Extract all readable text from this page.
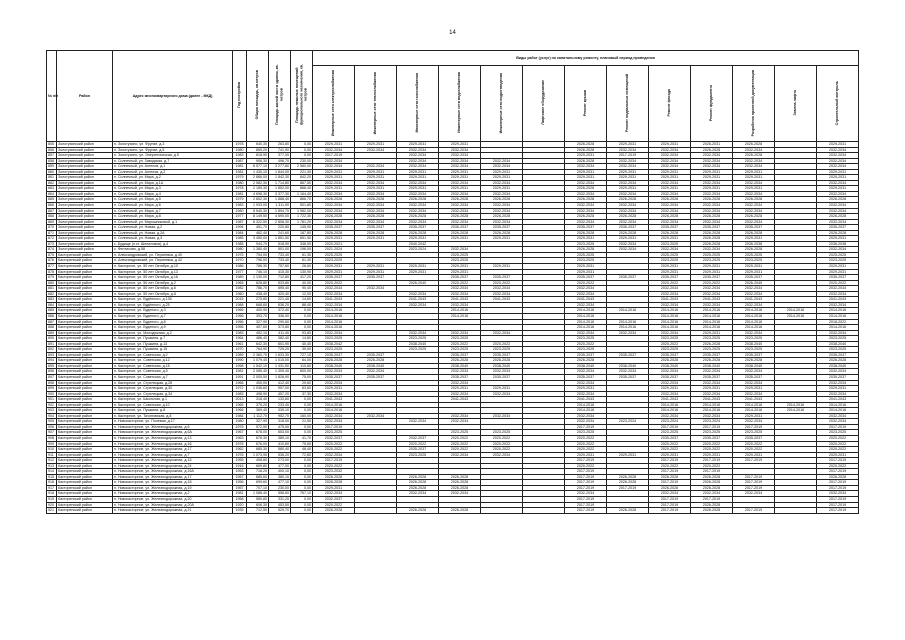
14
№ п/п	Район	Адрес многоквартирного дома (далее - МКД)	Год постройки	Общая площадь, кв.метров	Площадь жилой части здания, кв. метров	Площадь нежилых помещений функционального назначения, кв. метров	Виды работ (услуг) по капитальному ремонту, плановый период проведения												
							Инженерные сети электроснабжения	Инженерные сети теплоснабжения	Инженерные сети газоснабжения	Инженерные сети водоснабжения	Инженерные сети водоотведения	Лифтовое оборудование	Ремонт крыши	Ремонт подвальных помещений	Ремонт фасада	Ремонт фундамента	Разработка проектной документации	Замена лифта	Строительный контроль
855	Золотухинский район	п. Золотухино, ул. Фрунзе, д.3	1978	640,30	263,80	0,00	2029-2031	2029-2031	2029-2031	2029-2031			2026-2028	2029-2031	2029-2031	2026-2031	2026-2028		2029-2031
856	Золотухинский район	п. Золотухино, ул. Фрунзе, д.5	1980	855,20	741,90	0,00	2032-2034	2032-2034	2032-2034	2032-2034			2026-2028	2032-2034	2032-2034	2026-2028	2032-2034		2032-2034
857	Золотухинский район	п. Золотухино, ул. Энергетическая, д.5	1983	818,90	377,00	0,00	2017-2019		2032-2034	2032-2034			2029-2031	2017-2019	2032-2034	2032-2034	2026-2028		2032-2034
858	Золотухинский район	п. Солнечный, ул. Заводская, д.7	1987	906,30	496,70	230,00	2032-2034		2032-2034	2032-2034	2032-2034		2026-2028	2032-2034	2032-2034	2032-2034	2032-2034		2032-2034
859	Золотухинский район	п. Солнечный, ул. Ангелов, д.1	1981	6 577,10	3 277,80	2 580,00	2032-2034	2032-2034	2032-2034	2032-2034	2032-2034		2032-2034	2032-2034	2032-2034	2032-2034	2032-2034		2032-2034
860	Золотухинский район	п. Солнечный, ул. Ангелов, д.2	1981	1 430,10	1 844,00	221,30	2029-2031	2029-2031	2029-2031	2029-2031	2029-2031		2029-2031	2029-2031	2029-2031	2029-2031	2029-2031		2029-2031
861	Золотухинский район	п. Солнечный, ул. Мира, д.2	1979	2 866,00	1 842,30	842,20	2029-2031	2029-2031	2029-2031	2029-2031	2029-2031		2029-2031	2029-2031	2029-2031	2029-2031	2029-2031		2029-2031
862	Золотухинский район	п. Солнечный, ул. Мира, д.1А	1980	2 582,30	1 714,80	867,50	2032-2034	2032-2034	2032-2034	2032-2034	2032-2034		2032-2034	2032-2034	2032-2034	2032-2034	2032-2034		2032-2034
863	Золотухинский район	п. Солнечный, ул. Мира, д.3	1978	2 189,30	1 852,00	868,40	2029-2031	2029-2031	2029-2031	2029-2031	2029-2031		2026-2028	2029-2031	2029-2031	2029-2031	2029-2031		2029-2031
864	Золотухинский район	п. Солнечный, ул. Мира, д.4	1981	4 698,30	3 377,30	1 164,40	2032-2034	2032-2034	2032-2034	2032-2034	2032-2034		2032-2034	2032-2034	2032-2034	2032-2034	2032-2034		2032-2034
865	Золотухинский район	п. Солнечный, ул. Мира, д.5	1979	2 852,30	1 888,40	866,70	2026-2028	2026-2028	2026-2028	2026-2028	2026-2028		2026-2028	2026-2028	2026-2028	2026-2028	2026-2028		2026-2028
866	Золотухинский район	п. Солнечный, ул. Мира, д.6	1983	1 933,00	1 311,90	501,80	2032-2034	2032-2034	2032-2034	2032-2034	2032-2034		2032-2034	2032-2034	2032-2034	2032-2034	2032-2034		2032-2034
867	Золотухинский район	п. Солнечный, ул. Мира, д.7	1980	5 940,30	1 894,70	1 982,00	2032-2034	2032-2034	2032-2034	2032-2034	2032-2034		2032-2034	2032-2034	2032-2034	2032-2034	2032-2034		2032-2034
868	Золотухинский район	п. Солнечный, ул. Мира, д.8	1977	8 149,50	4 690,00	1 722,30	2026-2028	2026-2028	2026-2028	2026-2028	2026-2028		2026-2028	2026-2028	2026-2028	2026-2028	2026-2028		2026-2028
869	Золотухинский район	п. Солнечный, ул. Мирошниковой, д.1	1987	6 322,50	2 808,30	1 781,20	2032-2034	2032-2034	2032-2034	2032-2034	2032-2034		2032-2034	2032-2034	2032-2034	2032-2034	2032-2034		2032-2034
870	Золотухинский район	п. Солнечный, ул. Новая, д.2	1994	451,70	220,80	145,90	2035-2037	2035-2037	2035-2037	2035-2037	2035-2037		2035-2037	2035-2037	2035-2037	2035-2037	2035-2037		2035-2037
871	Золотухинский район	п. Солнечный, ул. Новая, д.2А	1984	462,40	241,60	187,80	2026-2028	2026-2028	2026-2028	2026-2028	2026-2028		2026-2028	2026-2028	2026-2028	2026-2028	2026-2028		2026-2028
872	Золотухинский район	п. Солнечный, ул. Новая, д.3	1985	3 450,00	1 851,50	851,50	2029-2031	2029-2031	2029-2031	2029-2031	2029-2031		2029-2031	2029-2031	2029-2031	2026-2028	2029-2031		2029-2031
873	Золотухинский район	с. Будище (п.ст. Шепиловка), д.4	1985	944,70	518,90	346,00	2020-2021		2040-2042				2023-2025	2032-2034	2023-2025	2026-2028	2036-2038		2036-2038
874	Золотухинский район	с. Фентисово, д.58	1980	1 380,40	501,00	196,00	2021-2024		2023-2024	2032-2034			2026-2028	2032-2034	2032-2034	2032-2034	2026-2028		2032-2034
875	Касторенский район	п. Александровский, ул. Персеевка, д.40	1975	754,00	733,40	61,30	2025-2025			2025-2025			2025-2025		2025-2025	2025-2025	2025-2025		2025-2025
876	Касторенский район	п. Александровский, ул. Персеевка, д.42	1970	796,00	733,40	61,30	2023-2025			2023-2025			2023-2025		2023-2025	2023-2025	2023-2025		2023-2025
877	Касторенский район	п. Касторное, ул. 50 лет Октября, д.10	1986	786,30	757,60	28,60	2029-2031	2029-2031	2029-2031	2029-2031	2029-2031		2029-2031		2029-2031	2029-2031	2029-2031		2029-2031
878	Касторенский район	п. Касторное, ул. 50 лет Октября, д.13	1977	746,10	415,30	130,90	2029-2031	2029-2031	2029-2031	2029-2031			2029-2031		2029-2031	2029-2031	2029-2031		2029-2031
879	Касторенский район	п. Касторное, ул. 50 лет Октября, д.16	1989	1 130,00	712,80	417,20	2035-2037	2035-2037		2035-2037	2035-2037		2035-2037	2035-2037	2035-2037	2035-2037	2035-2037		2035-2037
880	Касторенский район	п. Касторное, ул. 50 лет Октября, д.2	1965	628,80	533,80	40,00	2020-2022		2026-2040	2020-2022	2020-2022		2020-2022		2020-2022	2020-2022	2026-2040		2020-2022
881	Касторенский район	п. Касторное, ул. 50 лет Октября, д.6	1982	786,70	695,40	90,40	2032-2034	2032-2034		2032-2034	2032-2034		2032-2034		2032-2034	2032-2034	2032-2034		2032-2034
882	Касторенский район	п. Касторное, ул. 50 лет Октября, д.8	1960	438,40	420,40	12,00	2032-2034		2032-2034	2032-2034	2032-2034		2032-2034		2032-2034	2032-2034	2032-2034		2032-2034
883	Касторенский район	п. Касторное, ул. Будённого, д.135	2015	275,80	221,40	14,60	2041-2043		2041-2043	2041-2043	2041-2043		2041-2043		2041-2043	2041-2043	2041-2043		2041-2043
884	Касторенский район	п. Касторное, ул. Будённого, д.25	1988	668,60	636,20	88,40	2032-2034		2032-2034	2032-2034			2032-2034		2032-2034	2032-2034	2032-2034		2032-2034
885	Касторенский район	п. Касторное, ул. Буденого, д.3	1966	400,90	372,40	0,00	2014-2016			2014-2016			2014-2016	2014-2016	2014-2016	2014-2016	2014-2016	2014-2016	2014-2016
886	Касторенский район	п. Касторное, ул. Буденого, д.7	1956	393,70	336,00	0,00	2014-2016			2014-2016			2014-2016		2014-2016	2014-2016	2014-2016	2014-2016	2014-2016
887	Касторенский район	п. Касторное, ул. Буденого, д.8	1956	327,90	290,60	0,00	2014-2016						2014-2016	2014-2016	2014-2016	2014-2016	2014-2016		2018-2022
888	Касторенский район	п. Касторное, ул. Буденого, д.9	1956	407,60	373,80	0,00	2014-2016						2014-2016	2014-2016	2014-2016	2014-2016	2014-2016		2014-2016
889	Касторенский район	п. Касторное, ул. Молодежная, д.2	1983	452,10	411,40	93,80	2032-2034		2032-2034	2032-2034	2032-2034		2032-2034	2032-2034	2032-2034	2029-2031	2032-2034		2032-2034
890	Касторенский район	п. Касторное, ул. Пушкина, д.7	1964	486,40	382,40	14,80	2023-2025		2023-2025	2023-2025			2023-2025		2023-2025	2023-2025	2023-2025		2023-2025
891	Касторенский район	п. Касторное, ул. Пушкина, д.13	1961	642,30	601,90	40,40	2038-2042		2038-2040	2020-2022	2020-2022		2020-2022		2020-2022	2026-2028	2038-2040		2038-2040
892	Касторенский район	п. Касторное, ул. Пушкина, д.15	1970	764,90	725,20	39,00	2023-2025		2023-2025	2023-2025	2023-2025		2023-2025		2023-2025	2023-2025	2023-2025		2023-2025
893	Касторенский район	п. Касторное, ул. Советская, д.2	1989	2 360,70	1 633,30	727,10	2035-2037	2035-2037		2035-2037	2035-2037		2035-2037	2035-2037	2035-2037	2035-2037	2035-2037		2035-2037
894	Касторенский район	п. Касторное, ул. Советская, д.12	1990	1 079,40	1 015,00	64,00	2026-2028	2026-2028		2026-2028	2026-2028		2026-2028		2026-2028	2026-2028	2026-2028		2026-2028
895	Касторенский район	п. Касторное, ул. Советская, д.18	1998	1 542,10	1 431,50	110,60	2038-2040	2038-2040		2038-2040	2038-2040		2038-2040	2038-2040	2038-2040	2038-2040	2038-2040		2038-2040
896	Касторенский район	п. Касторное, ул. Советская, д.5	1981	2 085,40	1 305,40	800,00	2032-2034	2032-2034		2032-2034	2032-2034		2032-2034	2032-2034	2032-2034	2032-2034	2032-2034		2032-2034
897	Касторенский район	п. Касторное, ул. Советская, д.7	1991	2 005,50	1 826,90	75,00	2035-2037	2035-2037		2035-2037	2035-2037		2035-2037	2035-2037	2035-2037	2035-2037	2035-2037		2035-2037
898	Касторенский район	п. Касторное, ул. Стрелецкая, д.28	1966	450,00	412,40	29,60	2032-2034			2032-2034			2032-2034		2032-2034	2032-2034	2032-2034		2032-2034
899	Касторенский район	п. Касторное, ул. Стрелецкая, д.30	1972	1 036,60	957,00	63,60	2029-2031			2029-2031	2029-2031		2029-2031		2029-2031	2029-2031	2029-2031		2029-2031
900	Касторенский район	п. Касторное, ул. Стрелецкая, д.34	1983	498,90	457,20	37,30	2032-2034			2032-2034	2032-2034		2032-2034		2032-2034	2032-2034	2032-2034		2032-2034
901	Касторенский район	п. Касторное, ул. Школьная, д.1	2013	318,40	133,80	0,00	2041-2043			2041-2043			2041-2043		2041-2043	2041-2043	2041-2043		2041-2043
902	Касторенский район	п. Касторное, ул. Советская, д.10	1965	375,20	233,40	0,00	2014-2016						2014-2016		2014-2016	2014-2016	2014-2016	2014-2016	2014-2016
903	Касторенский район	п. Касторное, ул. Пушкина, д.8	1966	369,40	339,10	0,00	2014-2016						2014-2016		2014-2016	2014-2016	2014-2016	2014-2016	2014-2016
904	Касторенский район	п. Касторное, ул. Тихоновская, д.8	1984	1 112,70	952,70	160,00	2032-2034	2032-2034		2032-2034	2032-2034		2032-2034		2032-2034	2032-2034	2029-2031		2032-2034
905	Касторенский район	п. Новокасторное, ул. Полевая, д.17	1980	327,90	318,00	21,50	2032-2034		2032-2034	2032-2034			2032-2034	2023-2024	2023-2024	2023-2024	2032-2034		2032-2034
906	Касторенский район	п. Новокасторное, ул. Железнодорожная, д.6	1976	572,90	475,00	0,00	2017-2019						2017-2019		2017-2019	2017-2019	2017-2019		2017-2019
907	Касторенский район	п. Новокасторное, ул. Железнодорожная, д.6А	1967	678,00	653,00	0,00	2023-2025			2023-2025	2023-2025		2023-2025		2023-2025	2023-2025	2023-2025		2023-2025
908	Касторенский район	п. Новокасторное, ул. Железнодорожная, д.13	1963	676,30	389,10	41,70	2032-2037		2032-2037	2020-2022	2020-2022		2020-2022		2035-2037	2035-2037	2035-2037		2020-2022
909	Касторенский район	п. Новокасторное, ул. Железнодорожная, д.16	1976	676,00	410,60	75,60	2020-2022		2020-2022	2020-2022	2020-2022		2020-2022		2020-2022	2020-2022	2020-2022		2020-2022
910	Касторенский район	п. Новокасторное, ул. Железнодорожная, д.17	1962	685,30	580,40	48,40	2020-2022		2035-2037	2020-2022	2020-2022		2020-2022		2020-2022	2020-2022	2020-2022		2020-2022
911	Касторенский район	п. Новокасторное, ул. Железнодорожная, д.7	1976	1 073,90	536,20	72,80	2032-2034		2023-2025	2032-2034	2032-2034		2029-2031	2029-2031	2029-2031	2029-2031	2029-2031		2029-2031
912	Касторенский район	п. Новокасторное, ул. Железнодорожная, д.15	1955	408,80	273,00	0,00	2017-2019						2017-2019		2017-2019	2017-2019	2017-2019		2017-2019
913	Касторенский район	п. Новокасторное, ул. Железнодорожная, д.24	1916	669,80	477,00	0,00	2020-2022						2020-2022		2020-2022	2020-2022			2020-2022
914	Касторенский район	п. Новокасторное, ул. Железнодорожная, д.16А	1953	718,20	400,10	0,00	2023-2032						2017-2019		2017-2019	2017-2019			2017-2019
915	Касторенский район	п. Новокасторное, ул. Железнодорожная, д.17	1957	685,60	380,10	0,00	2026-2028		2026-2028	2026-2028			2017-2019	2026-2028	2026-2028	2026-2028	2017-2019		2026-2028
916	Касторенский район	п. Новокасторное, ул. Железнодорожная, д.18	1956	699,60	477,10	0,00	2026-2028		2026-2028	2026-2028			2017-2019	2026-2028	2017-2019	2026-2028	2017-2019		2017-2019
917	Касторенский район	п. Новокасторное, ул. Железнодорожная, д.19	1957	707,10	230,00	0,00	2029-2031		2026-2028	2026-2028			2017-2019	2017-2019	2026-2028	2026-2028	2017-2019		2017-2019
918	Касторенский район	п. Новокасторное, ул. Железнодорожная, д.2	1981	1 088,40	558,60	767,10	2032-2034		2032-2034	2032-2034			2032-2034		2032-2034	2032-2034	2032-2034		2032-2034
919	Касторенский район	п. Новокасторное, ул. Железнодорожная, д.20	1958	589,80	331,20	0,00	2032-2037						2017-2019		2017-2019	2017-2019			2017-2019
920	Касторенский район	п. Новокасторное, ул. Железнодорожная, д.20А	1920	606,30	453,50	0,00	2020-2022						2017-2019		2017-2019	2026-2028			2017-2019
921	Касторенский район	п. Новокасторное, ул. Железнодорожная, д.21	1935	712,50	529,70	0,00	2026-2028		2026-2028	2026-2028			2017-2019	2026-2028	2017-2019	2026-2028	2017-2019		2017-2019
